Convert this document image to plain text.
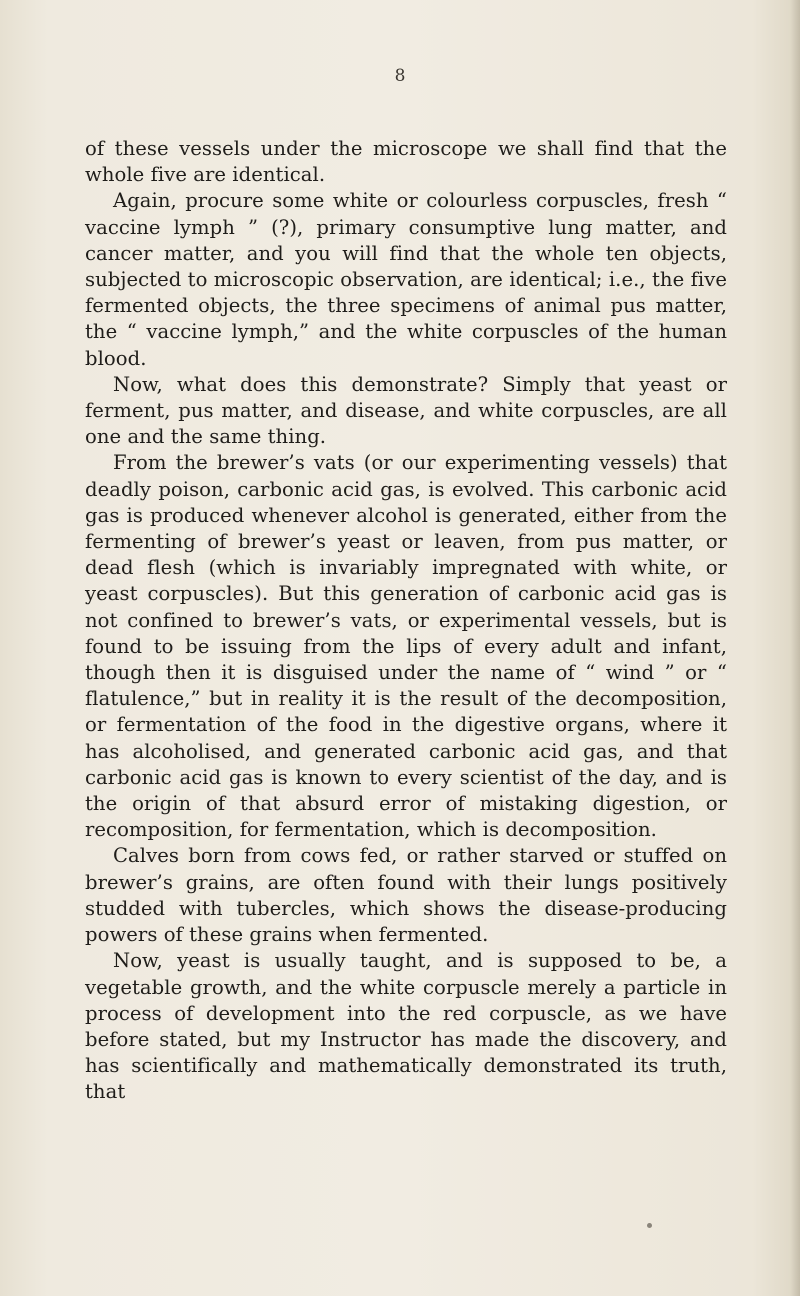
8

of these vessels under the microscope we shall find that the whole five are identical.

Again, procure some white or colourless corpuscles, fresh “ vaccine lymph ” (?), primary consumptive lung matter, and cancer matter, and you will find that the whole ten objects, subjected to microscopic observation, are identical; i.e., the five fermented objects, the three specimens of animal pus matter, the “ vaccine lymph,” and the white corpuscles of the human blood.

Now, what does this demonstrate? Simply that yeast or ferment, pus matter, and disease, and white corpuscles, are all one and the same thing.

From the brewer’s vats (or our experimenting vessels) that deadly poison, carbonic acid gas, is evolved. This carbonic acid gas is produced whenever alcohol is generated, either from the fermenting of brewer’s yeast or leaven, from pus matter, or dead flesh (which is invariably impregnated with white, or yeast corpuscles). But this generation of carbonic acid gas is not confined to brewer’s vats, or experimental vessels, but is found to be issuing from the lips of every adult and infant, though then it is disguised under the name of “ wind ” or “ flatulence,” but in reality it is the result of the decomposition, or fermentation of the food in the digestive organs, where it has alcoholised, and generated carbonic acid gas, and that carbonic acid gas is known to every scientist of the day, and is the origin of that absurd error of mistaking digestion, or recomposition, for fermentation, which is decomposition.

Calves born from cows fed, or rather starved or stuffed on brewer’s grains, are often found with their lungs positively studded with tubercles, which shows the disease-producing powers of these grains when fermented.

Now, yeast is usually taught, and is supposed to be, a vegetable growth, and the white corpuscle merely a particle in process of development into the red corpuscle, as we have before stated, but my Instructor has made the discovery, and has scientifically and mathematically demonstrated its truth, that
